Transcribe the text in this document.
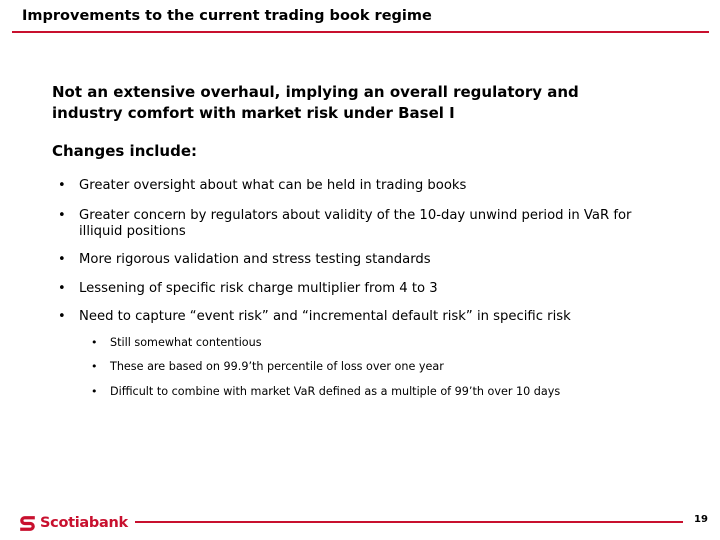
Improvements to the current trading book regime
Not an extensive overhaul, implying an overall regulatory and industry comfort with market risk under Basel I
Changes include:
• Greater oversight about what can be held in trading books
• Greater concern by regulators about validity of the 10-day unwind period in VaR for illiquid positions
• More rigorous validation and stress testing standards
• Lessening of specific risk charge multiplier from 4 to 3
• Need to capture “event risk” and “incremental default risk” in specific risk
• Still somewhat contentious
• These are based on 99.9’th percentile of loss over one year
• Difficult to combine with market VaR defined as a multiple of 99’th over 10 days
Scotiabank	19
